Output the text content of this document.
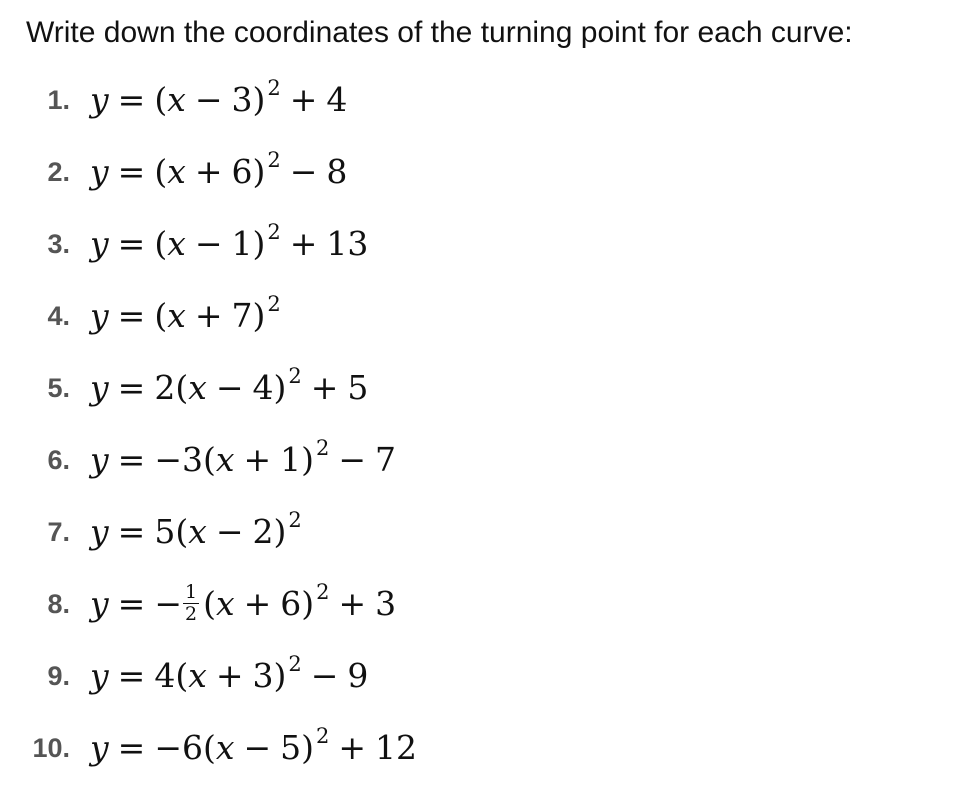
Write down the coordinates of the turning point for each curve:
1. $y = (x - 3)^2 + 4$
2. $y = (x + 6)^2 - 8$
3. $y = (x - 1)^2 + 13$
4. $y = (x + 7)^2$
5. $y = 2(x - 4)^2 + 5$
6. $y = -3(x + 1)^2 - 7$
7. $y = 5(x - 2)^2$
8. y = − $\frac{1}{2} (x + 6)^2 + 3$
9. $y = 4(x + 3)^2 - 9$
10. $y = -6(x - 5)^2 + 12$
